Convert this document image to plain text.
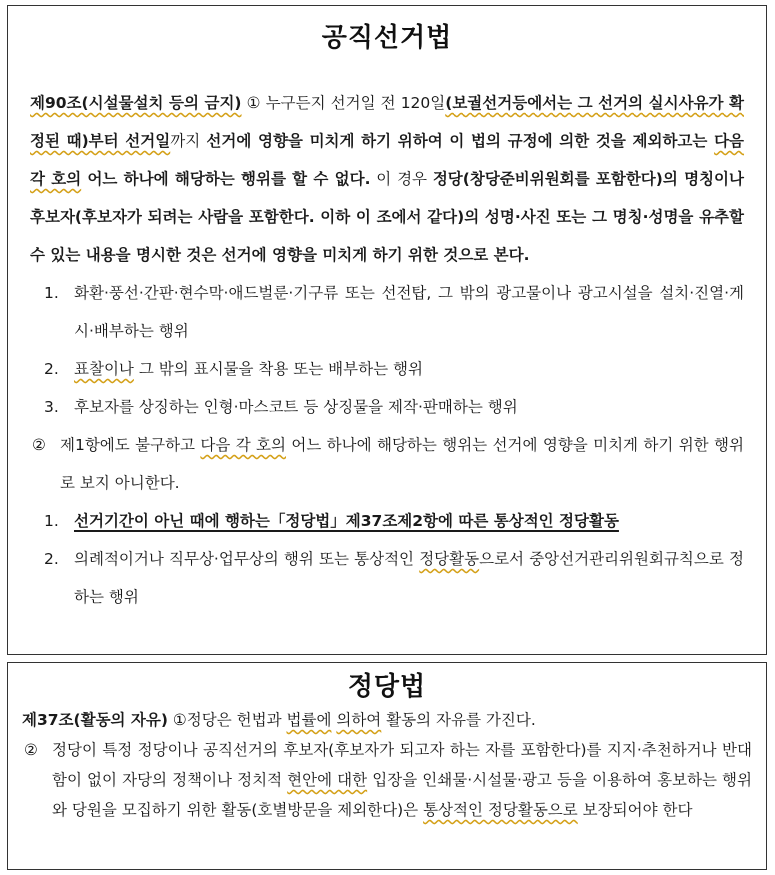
공직선거법
제90조(시설물설치 등의 금지) ① 누구든지 선거일 전 120일(보궐선거등에서는 그 선거의 실시사유가 확정된 때)부터 선거일까지 선거에 영향을 미치게 하기 위하여 이 법의 규정에 의한 것을 제외하고는 다음 각 호의 어느 하나에 해당하는 행위를 할 수 없다. 이 경우 정당(창당준비위원회를 포함한다)의 명칭이나 후보자(후보자가 되려는 사람을 포함한다. 이하 이 조에서 같다)의 성명·사진 또는 그 명칭·성명을 유추할 수 있는 내용을 명시한 것은 선거에 영향을 미치게 하기 위한 것으로 본다.
1. 화환·풍선·간판·현수막·애드벌룬·기구류 또는 선전탑, 그 밖의 광고물이나 광고시설을 설치·진열·게시·배부하는 행위
2. 표찰이나 그 밖의 표시물을 착용 또는 배부하는 행위
3. 후보자를 상징하는 인형·마스코트 등 상징물을 제작·판매하는 행위
② 제1항에도 불구하고 다음 각 호의 어느 하나에 해당하는 행위는 선거에 영향을 미치게 하기 위한 행위로 보지 아니한다.
1. 선거기간이 아닌 때에 행하는「정당법」제37조제2항에 따른 통상적인 정당활동
2. 의례적이거나 직무상·업무상의 행위 또는 통상적인 정당활동으로서 중앙선거관리위원회규칙으로 정하는 행위
정당법
제37조(활동의 자유) ①정당은 헌법과 법률에 의하여 활동의 자유를 가진다.
② 정당이 특정 정당이나 공직선거의 후보자(후보자가 되고자 하는 자를 포함한다)를 지지·추천하거나 반대함이 없이 자당의 정책이나 정치적 현안에 대한 입장을 인쇄물·시설물·광고 등을 이용하여 홍보하는 행위와 당원을 모집하기 위한 활동(호별방문을 제외한다)은 통상적인 정당활동으로 보장되어야 한다
